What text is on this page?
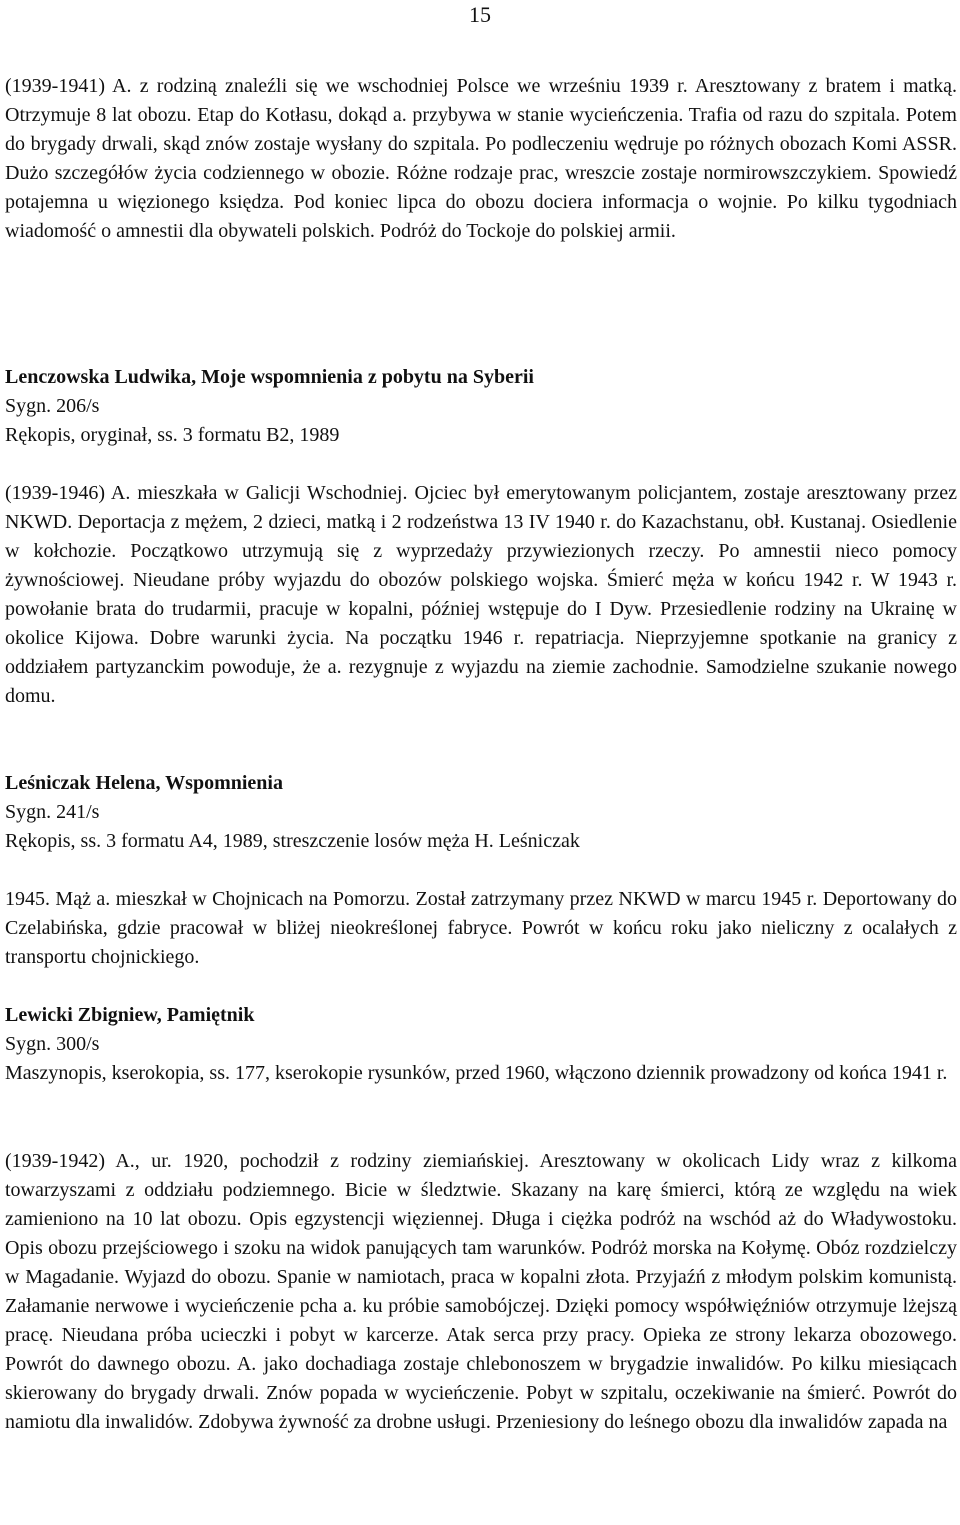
15
(1939-1941) A. z rodziną znaleźli się we wschodniej Polsce we wrześniu 1939 r. Aresztowany z bratem i matką. Otrzymuje 8 lat obozu. Etap do Kotłasu, dokąd a. przybywa w stanie wycieńczenia. Trafia od razu do szpitala. Potem do brygady drwali, skąd znów zostaje wysłany do szpitala. Po podleczeniu wędruje po różnych obozach Komi ASSR. Dużo szczegółów życia codziennego w obozie. Różne rodzaje prac, wreszcie zostaje normirowszczykiem. Spowiedź potajemna u więzionego księdza. Pod koniec lipca do obozu dociera informacja o wojnie. Po kilku tygodniach wiadomość o amnestii dla obywateli polskich. Podróż do Tockoje do polskiej armii.
Lenczowska Ludwika, Moje wspomnienia z pobytu na Syberii
Sygn. 206/s
Rękopis, oryginał, ss. 3 formatu B2, 1989
(1939-1946) A. mieszkała w Galicji Wschodniej. Ojciec był emerytowanym policjantem, zostaje aresztowany przez NKWD. Deportacja z mężem, 2 dzieci, matką i 2 rodzeństwa 13 IV 1940 r. do Kazachstanu, obł. Kustanaj. Osiedlenie w kołchozie. Początkowo utrzymują się z wyprzedaży przywiezionych rzeczy. Po amnestii nieco pomocy żywnościowej. Nieudane próby wyjazdu do obozów polskiego wojska. Śmierć męża w końcu 1942 r. W 1943 r. powołanie brata do trudarmii, pracuje w kopalni, później wstępuje do I Dyw. Przesiedlenie rodziny na Ukrainę w okolice Kijowa. Dobre warunki życia. Na początku 1946 r. repatriacja. Nieprzyjemne spotkanie na granicy z oddziałem partyzanckim powoduje, że a. rezygnuje z wyjazdu na ziemie zachodnie. Samodzielne szukanie nowego domu.
Leśniczak Helena, Wspomnienia
Sygn. 241/s
Rękopis, ss. 3 formatu A4, 1989, streszczenie losów męża H. Leśniczak
1945. Mąż a. mieszkał w Chojnicach na Pomorzu. Został zatrzymany przez NKWD w marcu 1945 r. Deportowany do Czelabińska, gdzie pracował w bliżej nieokreślonej fabryce. Powrót w końcu roku jako nieliczny z ocalałych z transportu chojnickiego.
Lewicki Zbigniew, Pamiętnik
Sygn. 300/s
Maszynopis, kserokopia, ss. 177, kserokopie rysunków, przed 1960, włączono dziennik prowadzony od końca 1941 r.
(1939-1942) A., ur. 1920, pochodził z rodziny ziemiańskiej. Aresztowany w okolicach Lidy wraz z kilkoma towarzyszami z oddziału podziemnego. Bicie w śledztwie. Skazany na karę śmierci, którą ze względu na wiek zamieniono na 10 lat obozu. Opis egzystencji więziennej. Długa i ciężka podróż na wschód aż do Władywostoku. Opis obozu przejściowego i szoku na widok panujących tam warunków. Podróż morska na Kołymę. Obóz rozdzielczy w Magadanie. Wyjazd do obozu. Spanie w namiotach, praca w kopalni złota. Przyjaźń z młodym polskim komunistą. Załamanie nerwowe i wycieńczenie pcha a. ku próbie samobójczej. Dzięki pomocy współwięźniów otrzymuje lżejszą pracę. Nieudana próba ucieczki i pobyt w karcerze. Atak serca przy pracy. Opieka ze strony lekarza obozowego. Powrót do dawnego obozu. A. jako dochadiaga zostaje chlebonoszem w brygadzie inwalidów. Po kilku miesiącach skierowany do brygady drwali. Znów popada w wycieńczenie. Pobyt w szpitalu, oczekiwanie na śmierć. Powrót do namiotu dla inwalidów. Zdobywa żywność za drobne usługi. Przeniesiony do leśnego obozu dla inwalidów zapada na
